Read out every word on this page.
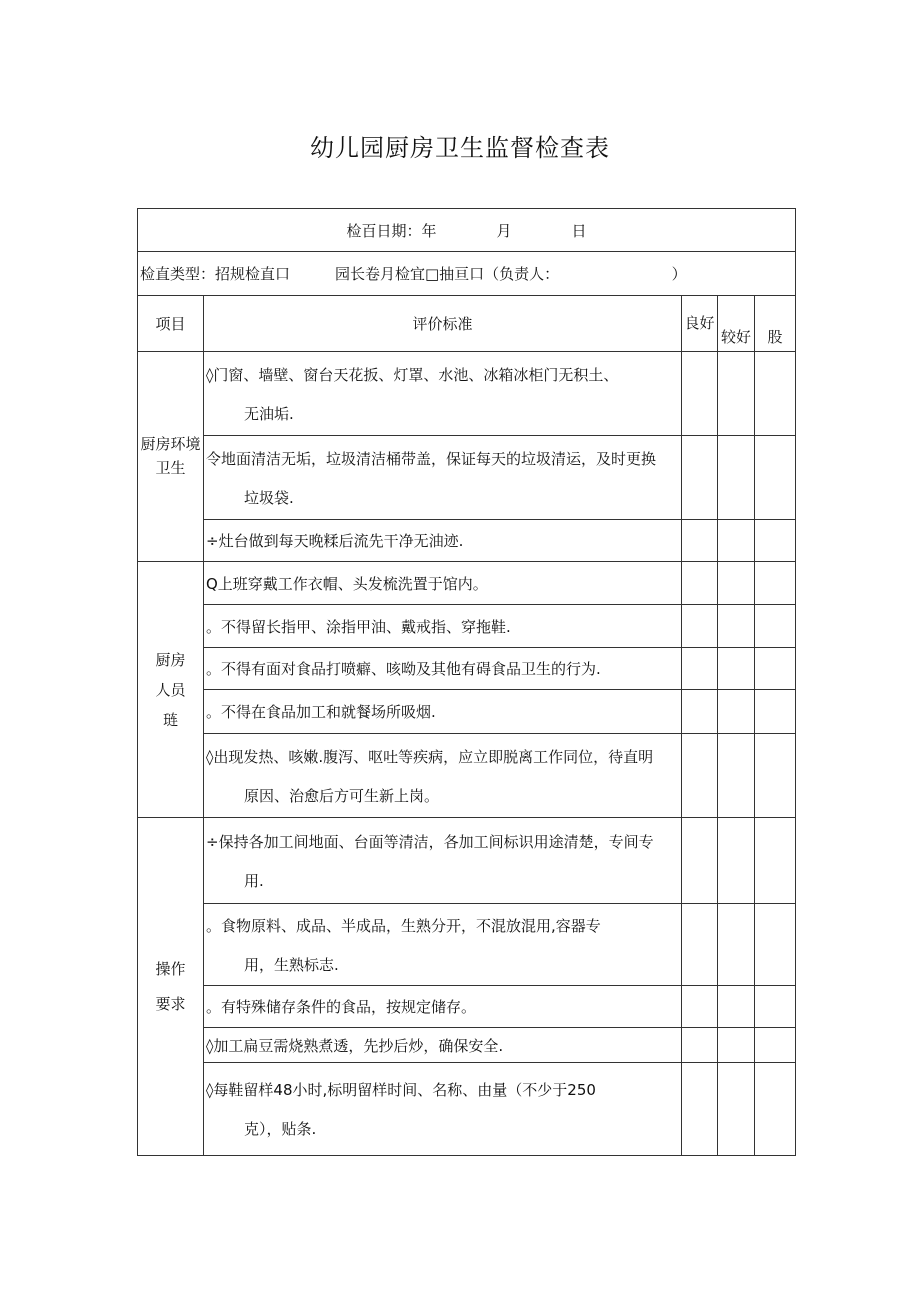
幼儿园厨房卫生监督检查表
检百日期：年　　　　月　　　　日				
检直类型：招规检直口　　　园长卷月检宜□抽亘口（负责人：　　　　　　　　）				
项目	评价标准	良好	较好	股
厨房环境卫生	◊门窗、墙壁、窗台天花扳、灯罩、水池、冰箱冰柜门无积土、
无油垢.			

	令地面清洁无垢，垃圾清洁桶带盖，保证每天的垃圾清运，及时更换
垃圾袋.			

	÷灶台做到每天晚糅后流先干净无油迹.			
厨房人员琏	Q上班穿戴工作衣帽、头发梳洗置于馆内。			
	。不得留长指甲、涂指甲油、戴戒指、穿拖鞋.			
	。不得有面对食品打喷癖、咳呦及其他有碍食品卫生的行为.			
	。不得在食品加工和就餐场所吸烟.			

	◊出现发热、咳嫩.腹泻、呕吐等疾病，应立即脱离工作同位，待直明
原因、治愈后方可生新上岗。			

操作要求	÷保持各加工间地面、台面等清洁，各加工间标识用途清楚，专间专
用.			

	。食物原料、成品、半成品，生熟分开，不混放混用,容器专
用，生熟标志.			

	。有特殊储存条件的食品，按规定储存。			
	◊加工扁豆需烧熟煮透，先抄后炒，确保安全.			

	◊每鞋留样48小时,标明留样时间、名称、由量（不少于250
克），贴条.			
